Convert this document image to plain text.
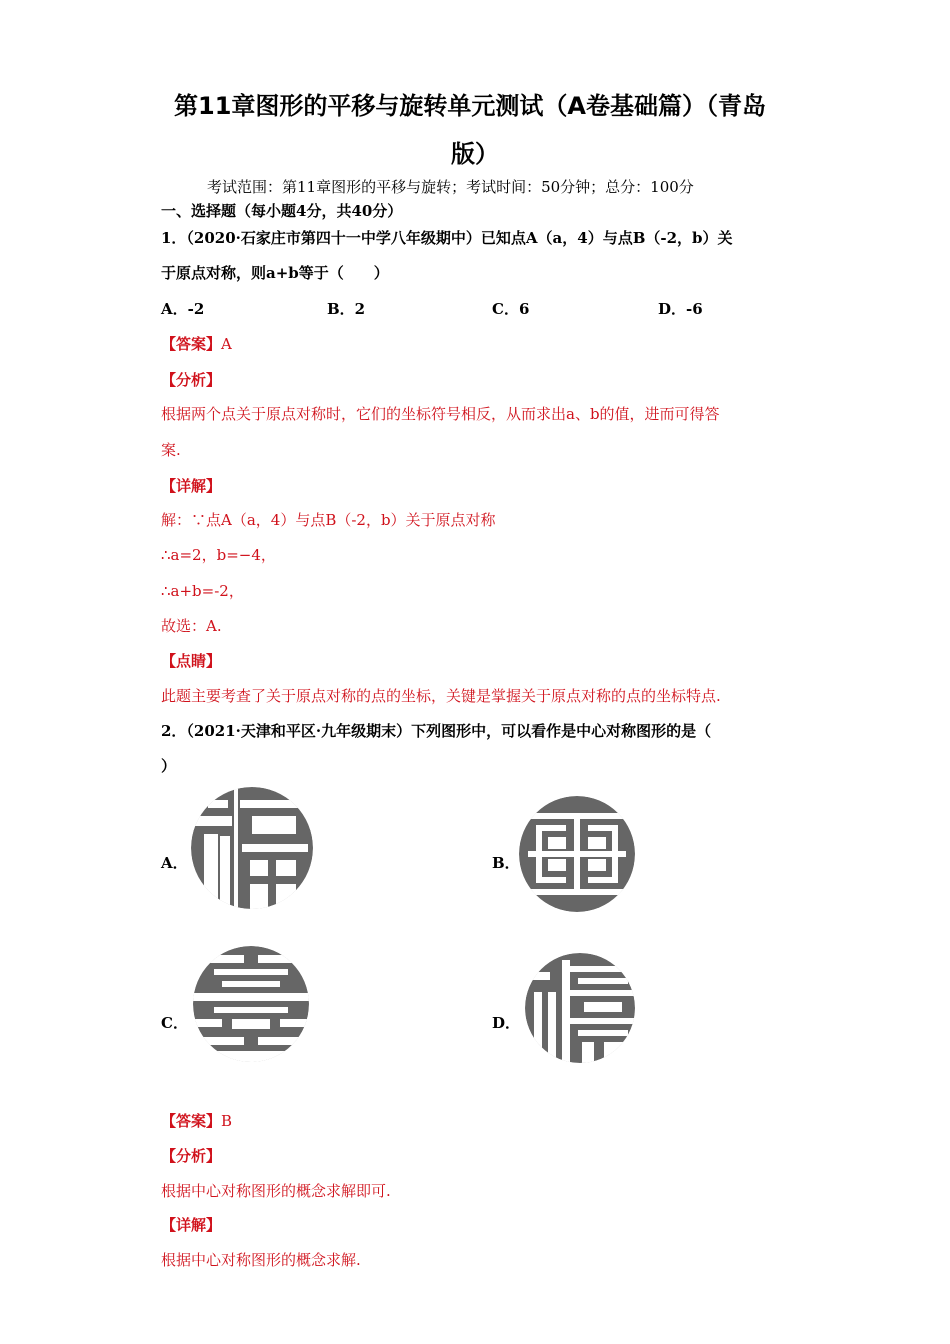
第11章图形的平移与旋转单元测试（A卷基础篇）（青岛
版）
考试范围：第11章图形的平移与旋转；考试时间：50分钟；总分：100分
一、选择题（每小题4分，共40分）
1．（2020·石家庄市第四十一中学八年级期中）已知点A（a，4）与点B（-2，b）关
于原点对称，则a+b等于（　　）
A．-2	B．2	C．6	D．-6
【答案】A
【分析】
根据两个点关于原点对称时，它们的坐标符号相反，从而求出a、b的值，进而可得答
案.
【详解】
解：∵点A（a，4）与点B（-2，b）关于原点对称
∴a=2，b=−4，
∴a+b=-2，
故选：A.
【点睛】
此题主要考查了关于原点对称的点的坐标，关键是掌握关于原点对称的点的坐标特点.
2．（2021·天津和平区·九年级期末）下列图形中，可以看作是中心对称图形的是（
）
A．	B．
C．	D．
【答案】B
【分析】
根据中心对称图形的概念求解即可.
【详解】
根据中心对称图形的概念求解.
